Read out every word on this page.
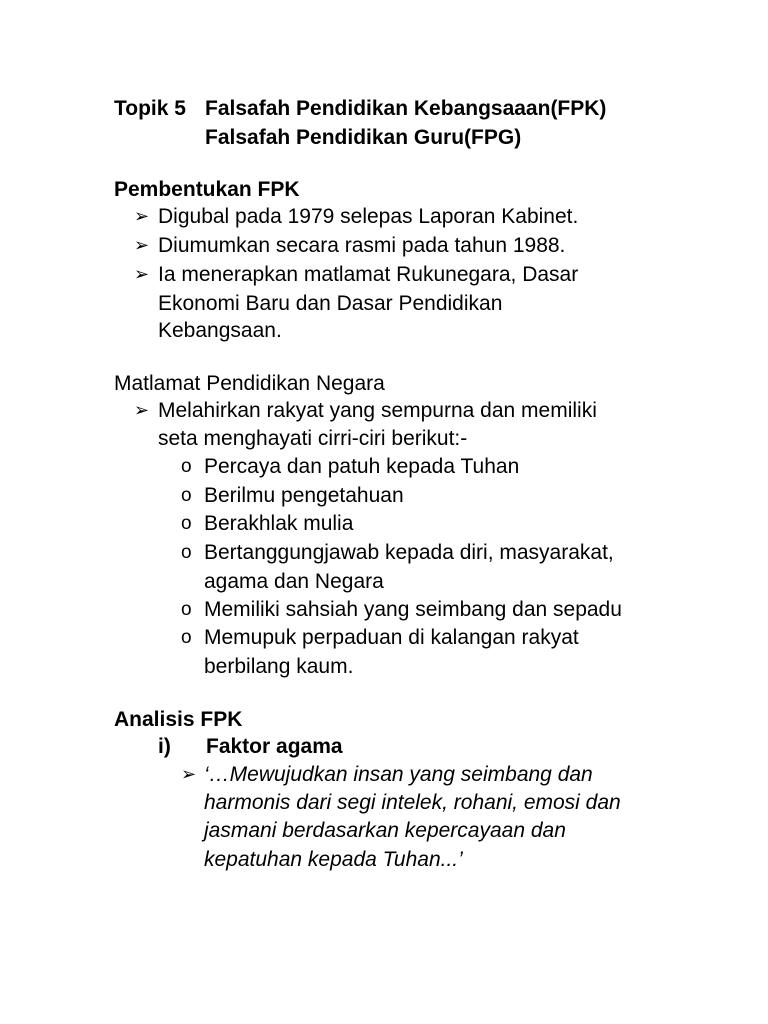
Topik 5 Falsafah Pendidikan Kebangsaaan(FPK)
Falsafah Pendidikan Guru(FPG)
Pembentukan FPK
➢ Digubal pada 1979 selepas Laporan Kabinet.
➢ Diumumkan secara rasmi pada tahun 1988.
➢ Ia menerapkan matlamat Rukunegara, Dasar
Ekonomi Baru dan Dasar Pendidikan
Kebangsaan.
Matlamat Pendidikan Negara
➢ Melahirkan rakyat yang sempurna dan memiliki
seta menghayati cirri-ciri berikut:-
o Percaya dan patuh kepada Tuhan
o Berilmu pengetahuan
o Berakhlak mulia
o Bertanggungjawab kepada diri, masyarakat,
agama dan Negara
o Memiliki sahsiah yang seimbang dan sepadu
o Memupuk perpaduan di kalangan rakyat
berbilang kaum.
Analisis FPK
i) Faktor agama
➢ ‘…Mewujudkan insan yang seimbang dan
harmonis dari segi intelek, rohani, emosi dan
jasmani berdasarkan kepercayaan dan
kepatuhan kepada Tuhan...’
